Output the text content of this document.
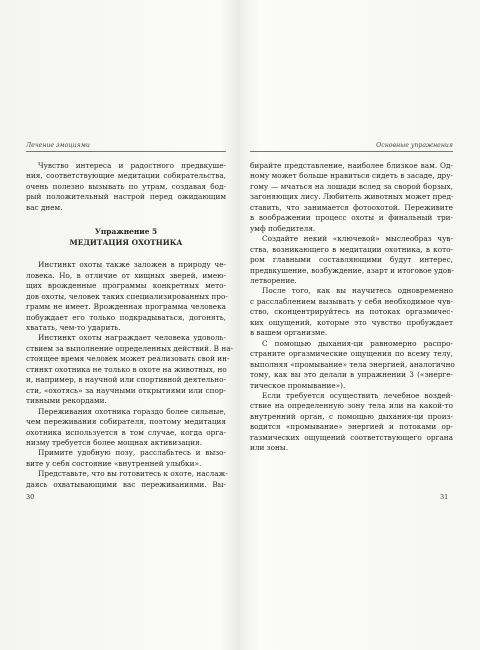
Лечение эмоциями
Чувство интереса и радостного предвкуше-
ния, соответствующие медитации собирательства,
очень полезно вызывать по утрам, создавая бод-
рый положительный настрой перед ожидающим
вас днем.
Упражнение 5
МЕДИТАЦИЯ ОХОТНИКА
Инстинкт охоты также заложен в природу че-
ловека. Но, в отличие от хищных зверей, имею-
щих врожденные программы конкретных мето-
дов охоты, человек таких специализированных про-
грамм не имеет. Врожденная программа человека
побуждает его только подкрадываться, догонять,
хватать, чем-то ударить.
Инстинкт охоты награждает человека удоволь-
ствием за выполнение определенных действий. В на-
стоящее время человек может реализовать свой ин-
стинкт охотника не только в охоте на животных, но
и, например, в научной или спортивной деятельно-
сти, «охотясь» за научными открытиями или спор-
тивными рекордами.
Переживания охотника гораздо более сильные,
чем переживания собирателя, поэтому медитация
охотника используется в том случае, когда орга-
низму требуется более мощная активизация.
Примите удобную позу, расслабьтесь и вызо-
вите у себя состояние «внутренней улыбки».
Представьте, что вы готовитесь к охоте, наслаж-
даясь охватывающими вас переживаниями. Вы-
30
Основные упражнения
бирайте представление, наиболее близкое вам. Од-
ному может больше нравиться сидеть в засаде, дру-
гому — мчаться на лошади вслед за сворой борзых,
загоняющих лису. Любитель животных может пред-
ставить, что занимается фотоохотой. Переживите
в воображении процесс охоты и финальный три-
умф победителя.
Создайте некий «ключевой» мыслеобраз чув-
ства, возникающего в медитации охотника, в кото-
ром главными составляющими будут интерес,
предвкушение, возбуждение, азарт и итоговое удов-
летворение.
После того, как вы научитесь одновременно
с расслаблением вызывать у себя необходимое чув-
ство, сконцентрируйтесь на потоках оргазмичес-
ких ощущений, которые это чувство пробуждает
в вашем организме.
С помощью дыхания-ци равномерно распро-
страните оргазмические ощущения по всему телу,
выполняя «промывание» тела энергией, аналогично
тому, как вы это делали в упражнении 3 («энерге-
тическое промывание»).
Если требуется осуществить лечебное воздей-
ствие на определенную зону тела или на какой-то
внутренний орган, с помощью дыхания-ци произ-
водится «промывание» энергией и потоками ор-
газмических ощущений соответствующего органа
или зоны.
31
